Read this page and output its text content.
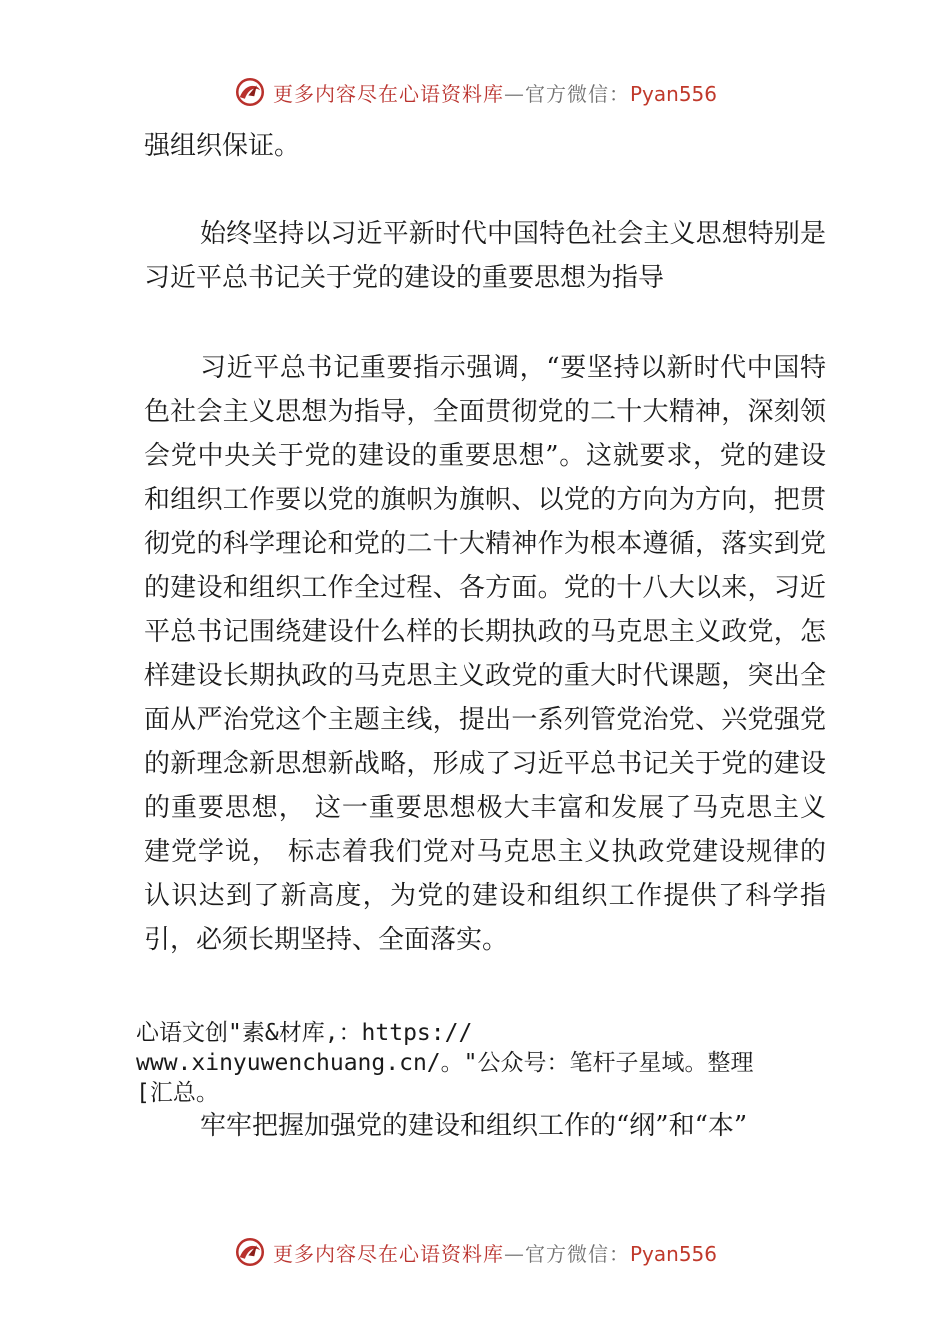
更多内容尽在心语资料库—官方微信：Pyan556

强组织保证。

始终坚持以习近平新时代中国特色社会主义思想特别是习近平总书记关于党的建设的重要思想为指导

习近平总书记重要指示强调，“要坚持以新时代中国特色社会主义思想为指导，全面贯彻党的二十大精神，深刻领会党中央关于党的建设的重要思想”。这就要求，党的建设和组织工作要以党的旗帜为旗帜、以党的方向为方向，把贯彻党的科学理论和党的二十大精神作为根本遵循，落实到党的建设和组织工作全过程、各方面。党的十八大以来，习近平总书记围绕建设什么样的长期执政的马克思主义政党，怎样建设长期执政的马克思主义政党的重大时代课题，突出全面从严治党这个主题主线，提出一系列管党治党、兴党强党的新理念新思想新战略，形成了习近平总书记关于党的建设的重要思想， 这一重要思想极大丰富和发展了马克思主义建党学说， 标志着我们党对马克思主义执政党建设规律的认识达到了新高度，为党的建设和组织工作提供了科学指引，必须长期坚持、全面落实。

心语文创"素&材库,：https://
www.xinyuwenchuang.cn/。"公众号：笔杆子星域。整理
[汇总。

牢牢把握加强党的建设和组织工作的“纲”和“本”

更多内容尽在心语资料库—官方微信：Pyan556
